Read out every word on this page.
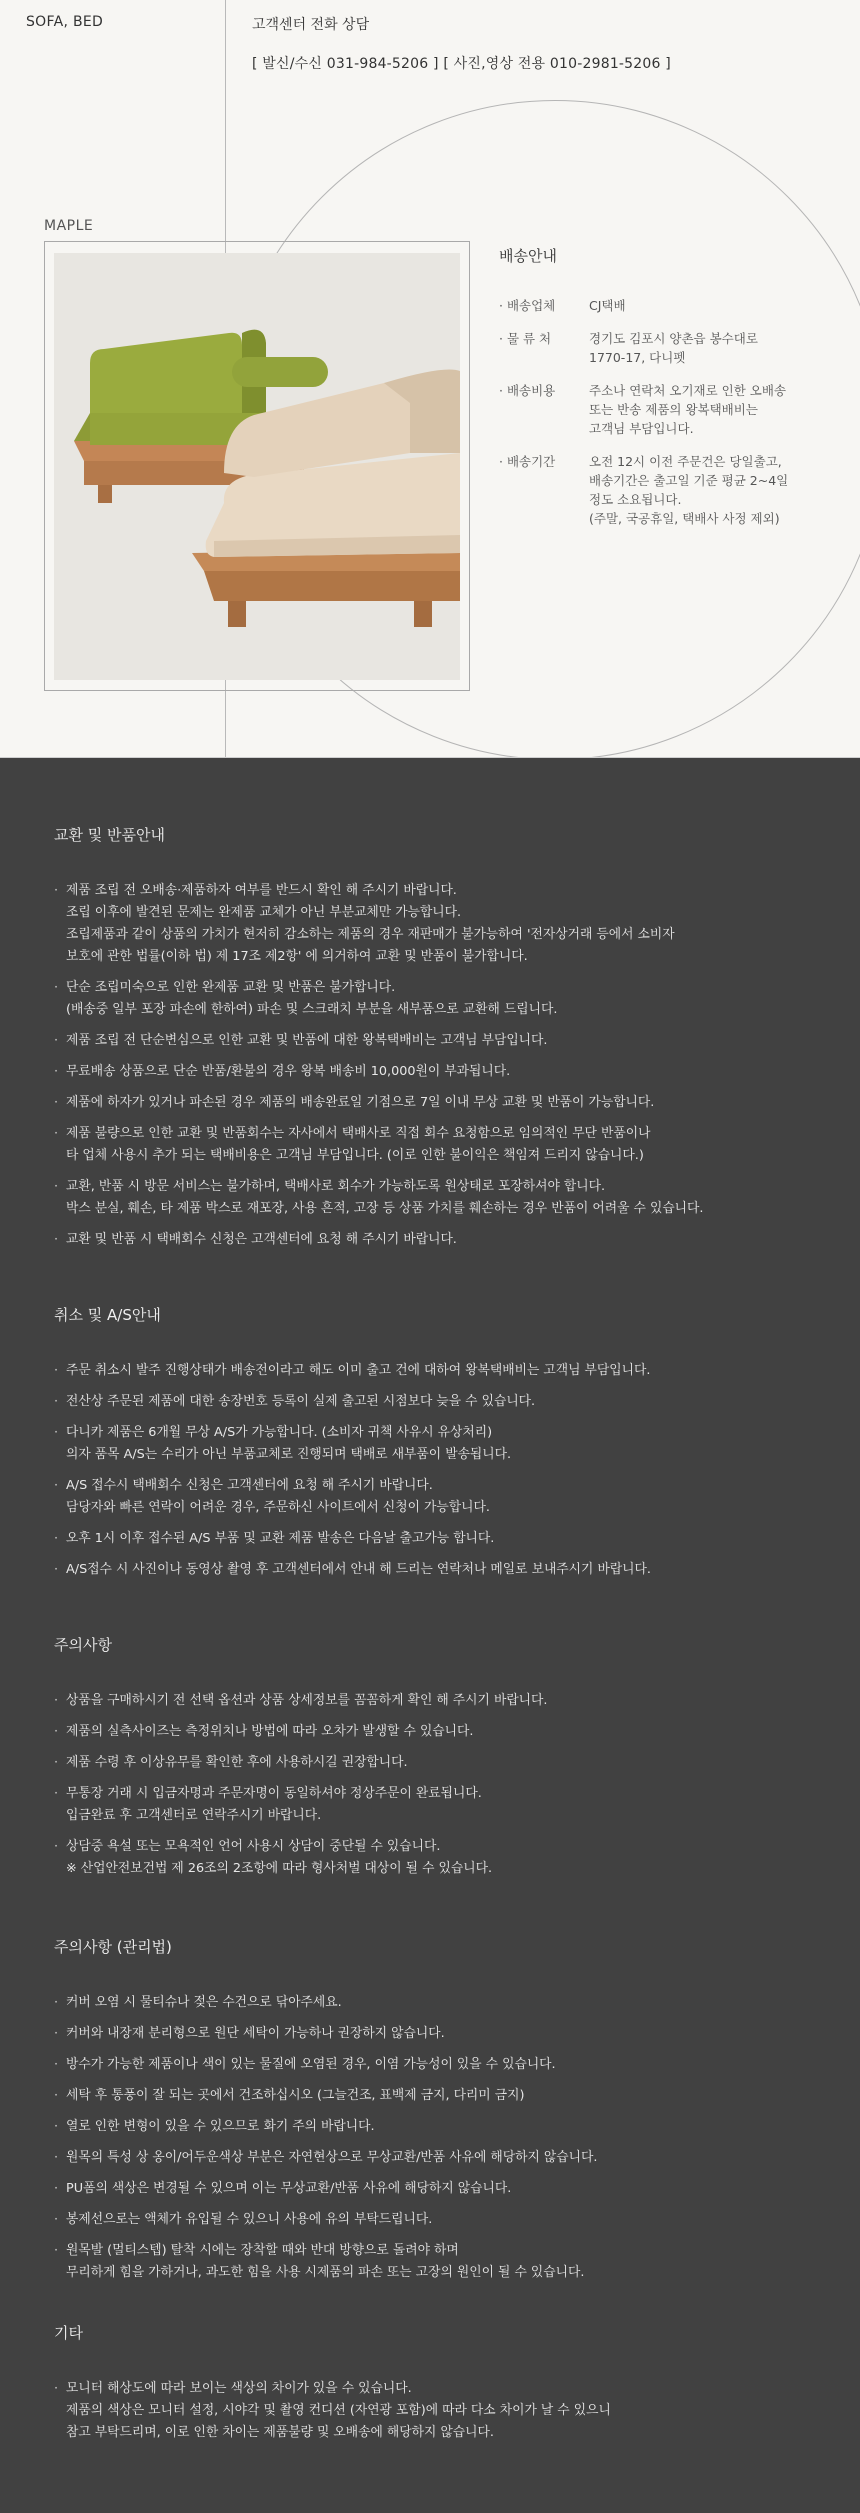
SOFA, BED	고객센터 전화 상담
[ 발신/수신 031-984-5206 ] [ 사진,영상 전용 010-2981-5206 ]
MAPLE
배송안내
· 배송업체	CJ택배
· 물 류 처	경기도 김포시 양촌읍 봉수대로
1770-17, 다니펫
· 배송비용	주소나 연락처 오기재로 인한 오배송
또는 반송 제품의 왕복택배비는
고객님 부담입니다.
· 배송기간	오전 12시 이전 주문건은 당일출고,
배송기간은 출고일 기준 평균 2~4일
정도 소요됩니다.
(주말, 국공휴일, 택배사 사정 제외)
교환 및 반품안내
· 제품 조립 전 오배송·제품하자 여부를 반드시 확인 해 주시기 바랍니다.
조립 이후에 발견된 문제는 완제품 교체가 아닌 부분교체만 가능합니다.
조립제품과 같이 상품의 가치가 현저히 감소하는 제품의 경우 재판매가 불가능하여 '전자상거래 등에서 소비자
보호에 관한 법률(이하 법) 제 17조 제2항' 에 의거하여 교환 및 반품이 불가합니다.
· 단순 조립미숙으로 인한 완제품 교환 및 반품은 불가합니다.
(배송중 일부 포장 파손에 한하여) 파손 및 스크래치 부분을 새부품으로 교환해 드립니다.
· 제품 조립 전 단순변심으로 인한 교환 및 반품에 대한 왕복택배비는 고객님 부담입니다.
· 무료배송 상품으로 단순 반품/환불의 경우 왕복 배송비 10,000원이 부과됩니다.
· 제품에 하자가 있거나 파손된 경우 제품의 배송완료일 기점으로 7일 이내 무상 교환 및 반품이 가능합니다.
· 제품 불량으로 인한 교환 및 반품회수는 자사에서 택배사로 직접 회수 요청함으로 임의적인 무단 반품이나
타 업체 사용시 추가 되는 택배비용은 고객님 부담입니다. (이로 인한 불이익은 책임져 드리지 않습니다.)
· 교환, 반품 시 방문 서비스는 불가하며, 택배사로 회수가 가능하도록 원상태로 포장하셔야 합니다.
박스 분실, 훼손, 타 제품 박스로 재포장, 사용 흔적, 고장 등 상품 가치를 훼손하는 경우 반품이 어려울 수 있습니다.
· 교환 및 반품 시 택배회수 신청은 고객센터에 요청 해 주시기 바랍니다.
취소 및 A/S안내
· 주문 취소시 발주 진행상태가 배송전이라고 해도 이미 출고 건에 대하여 왕복택배비는 고객님 부담입니다.
· 전산상 주문된 제품에 대한 송장번호 등록이 실제 출고된 시점보다 늦을 수 있습니다.
· 다니카 제품은 6개월 무상 A/S가 가능합니다. (소비자 귀책 사유시 유상처리)
의자 품목 A/S는 수리가 아닌 부품교체로 진행되며 택배로 새부품이 발송됩니다.
· A/S 접수시 택배회수 신청은 고객센터에 요청 해 주시기 바랍니다.
담당자와 빠른 연락이 어려운 경우, 주문하신 사이트에서 신청이 가능합니다.
· 오후 1시 이후 접수된 A/S 부품 및 교환 제품 발송은 다음날 출고가능 합니다.
· A/S접수 시 사진이나 동영상 촬영 후 고객센터에서 안내 해 드리는 연락처나 메일로 보내주시기 바랍니다.
주의사항
· 상품을 구매하시기 전 선택 옵션과 상품 상세정보를 꼼꼼하게 확인 해 주시기 바랍니다.
· 제품의 실측사이즈는 측정위치나 방법에 따라 오차가 발생할 수 있습니다.
· 제품 수령 후 이상유무를 확인한 후에 사용하시길 권장합니다.
· 무통장 거래 시 입금자명과 주문자명이 동일하셔야 정상주문이 완료됩니다.
입금완료 후 고객센터로 연락주시기 바랍니다.
· 상담중 욕설 또는 모욕적인 언어 사용시 상담이 중단될 수 있습니다.
※ 산업안전보건법 제 26조의 2조항에 따라 형사처벌 대상이 될 수 있습니다.
주의사항 (관리법)
· 커버 오염 시 물티슈나 젖은 수건으로 닦아주세요.
· 커버와 내장재 분리형으로 원단 세탁이 가능하나 권장하지 않습니다.
· 방수가 가능한 제품이나 색이 있는 물질에 오염된 경우, 이염 가능성이 있을 수 있습니다.
· 세탁 후 통풍이 잘 되는 곳에서 건조하십시오 (그늘건조, 표백제 금지, 다리미 금지)
· 열로 인한 변형이 있을 수 있으므로 화기 주의 바랍니다.
· 원목의 특성 상 옹이/어두운색상 부분은 자연현상으로 무상교환/반품 사유에 해당하지 않습니다.
· PU폼의 색상은 변경될 수 있으며 이는 무상교환/반품 사유에 해당하지 않습니다.
· 봉제선으로는 액체가 유입될 수 있으니 사용에 유의 부탁드립니다.
· 원목발 (멀티스텝) 탈착 시에는 장착할 때와 반대 방향으로 돌려야 하며
무리하게 힘을 가하거나, 과도한 힘을 사용 시제품의 파손 또는 고장의 원인이 될 수 있습니다.
기타
· 모니터 해상도에 따라 보이는 색상의 차이가 있을 수 있습니다.
제품의 색상은 모니터 설정, 시야각 및 촬영 컨디션 (자연광 포함)에 따라 다소 차이가 날 수 있으니
참고 부탁드리며, 이로 인한 차이는 제품불량 및 오배송에 해당하지 않습니다.
